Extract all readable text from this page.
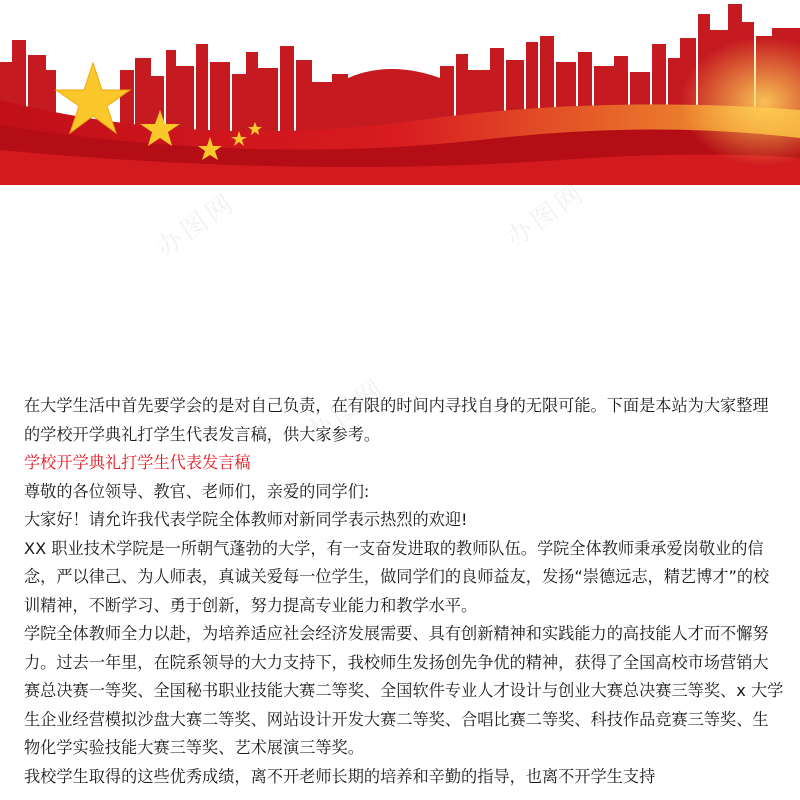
办图网	办图网
办图网

在大学生活中首先要学会的是对自己负责，在有限的时间内寻找自身的无限可能。下面是本站为大家整理的学校开学典礼打学生代表发言稿，供大家参考。

学校开学典礼打学生代表发言稿

尊敬的各位领导、教官、老师们，亲爱的同学们:

大家好！请允许我代表学院全体教师对新同学表示热烈的欢迎!

XX 职业技术学院是一所朝气蓬勃的大学，有一支奋发进取的教师队伍。学院全体教师秉承爱岗敬业的信念，严以律己、为人师表，真诚关爱每一位学生，做同学们的良师益友，发扬“崇德远志，精艺博才”的校训精神，不断学习、勇于创新，努力提高专业能力和教学水平。

学院全体教师全力以赴，为培养适应社会经济发展需要、具有创新精神和实践能力的高技能人才而不懈努力。过去一年里，在院系领导的大力支持下，我校师生发扬创先争优的精神，获得了全国高校市场营销大赛总决赛一等奖、全国秘书职业技能大赛二等奖、全国软件专业人才设计与创业大赛总决赛三等奖、x 大学生企业经营模拟沙盘大赛二等奖、网站设计开发大赛二等奖、合唱比赛二等奖、科技作品竞赛三等奖、生物化学实验技能大赛三等奖、艺术展演三等奖。

我校学生取得的这些优秀成绩，离不开老师长期的培养和辛勤的指导，也离不开学生支持
